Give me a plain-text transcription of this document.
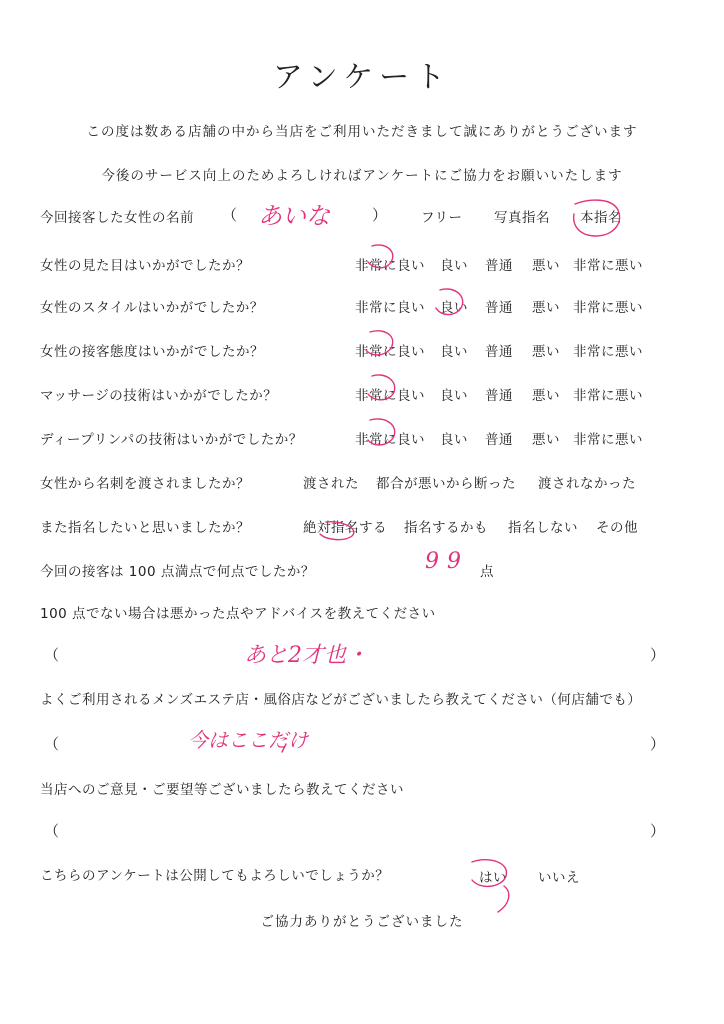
アンケート
この度は数ある店舗の中から当店をご利用いただきまして誠にありがとうございます
今後のサービス向上のためよろしければアンケートにご協力をお願いいたします
今回接客した女性の名前 （ あいな	）	フリー 写真指名 本指名
女性の見た目はいかがでしたか？	非常に良い 良い 普通 悪い 非常に悪い
女性のスタイルはいかがでしたか？	非常に良い 良い 普通 悪い 非常に悪い
女性の接客態度はいかがでしたか？	非常に良い 良い 普通 悪い 非常に悪い
マッサージの技術はいかがでしたか？	非常に良い 良い 普通 悪い 非常に悪い
ディープリンパの技術はいかがでしたか？	非常に良い 良い 普通 悪い 非常に悪い
女性から名刺を渡されましたか？	渡された 都合が悪いから断った 渡されなかった
また指名したいと思いましたか？	絶対指名する 指名するかも 指名しない その他
今回の接客は 100 点満点で何点でしたか？	99 点
100 点でない場合は悪かった点やアドバイスを教えてください
（	あと2才也・	）
よくご利用されるメンズエステ店・風俗店などがございましたら教えてください（何店舗でも）
（	今はここだけ	）
当店へのご意見・ご要望等ございましたら教えてください
（	）
こちらのアンケートは公開してもよろしいでしょうか？	はい いいえ
ご協力ありがとうございました
